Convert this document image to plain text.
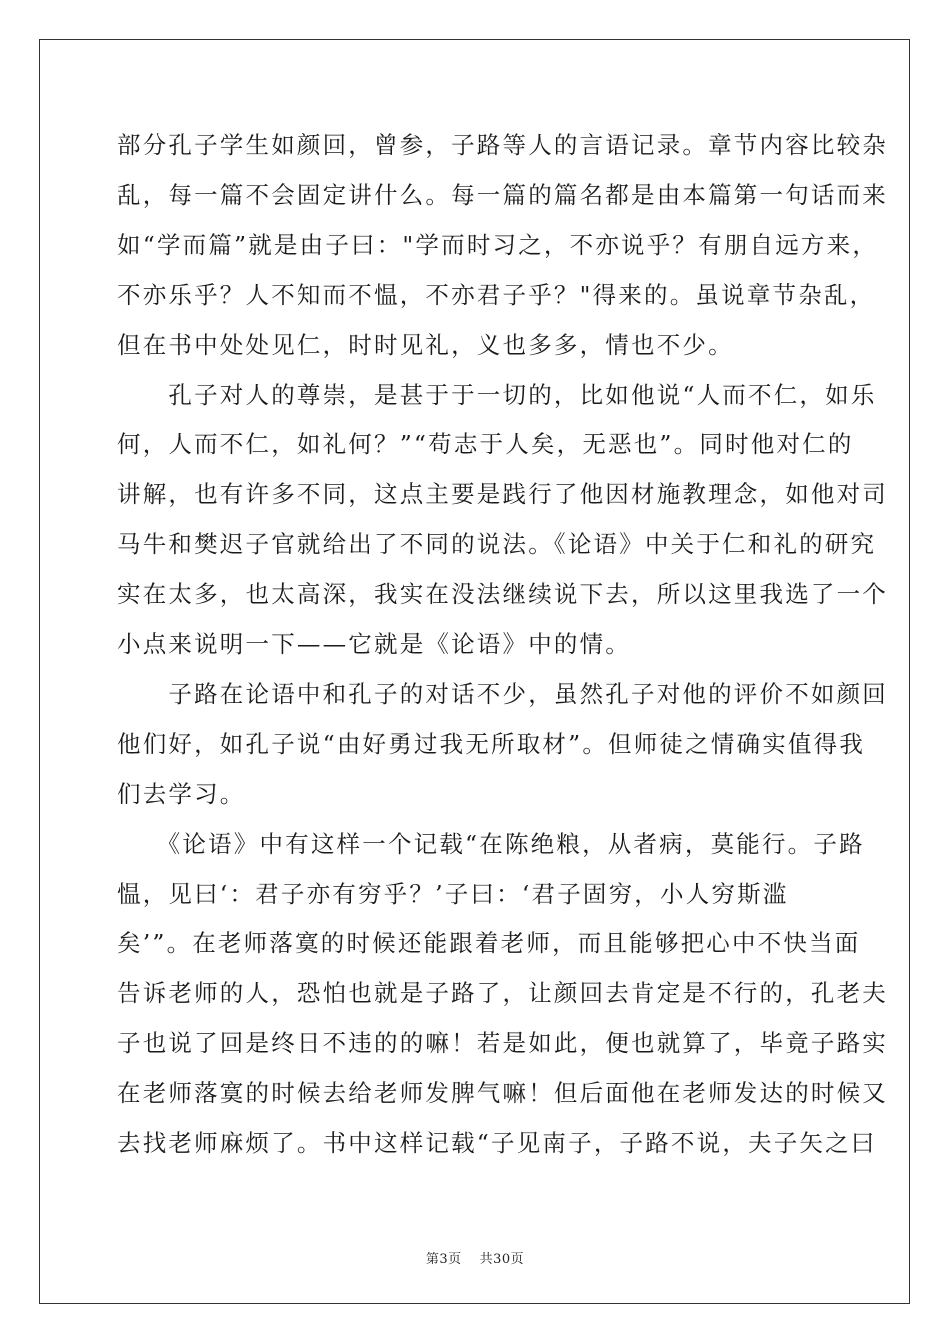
部分孔子学生如颜回，曾参，子路等人的言语记录。章节内容比较杂
乱，每一篇不会固定讲什么。每一篇的篇名都是由本篇第一句话而来
如“学而篇”就是由子曰："学而时习之，不亦说乎？有朋自远方来，
不亦乐乎？人不知而不愠，不亦君子乎？"得来的。虽说章节杂乱，
但在书中处处见仁，时时见礼，义也多多，情也不少。
　　孔子对人的尊崇，是甚于于一切的，比如他说“人而不仁，如乐
何，人而不仁，如礼何？”“苟志于人矣，无恶也”。同时他对仁的
讲解，也有许多不同，这点主要是践行了他因材施教理念，如他对司
马牛和樊迟子官就给出了不同的说法。《论语》中关于仁和礼的研究
实在太多，也太高深，我实在没法继续说下去，所以这里我选了一个
小点来说明一下——它就是《论语》中的情。
　　子路在论语中和孔子的对话不少，虽然孔子对他的评价不如颜回
他们好，如孔子说“由好勇过我无所取材”。但师徒之情确实值得我
们去学习。
　　《论语》中有这样一个记载“在陈绝粮，从者病，莫能行。子路
愠，见曰‘：君子亦有穷乎？’子曰：‘君子固穷，小人穷斯滥
矣’”。在老师落寞的时候还能跟着老师，而且能够把心中不快当面
告诉老师的人，恐怕也就是子路了，让颜回去肯定是不行的，孔老夫
子也说了回是终日不违的的嘛！若是如此，便也就算了，毕竟子路实
在老师落寞的时候去给老师发脾气嘛！但后面他在老师发达的时候又
去找老师麻烦了。书中这样记载“子见南子，子路不说，夫子矢之曰
第3页 共30页
